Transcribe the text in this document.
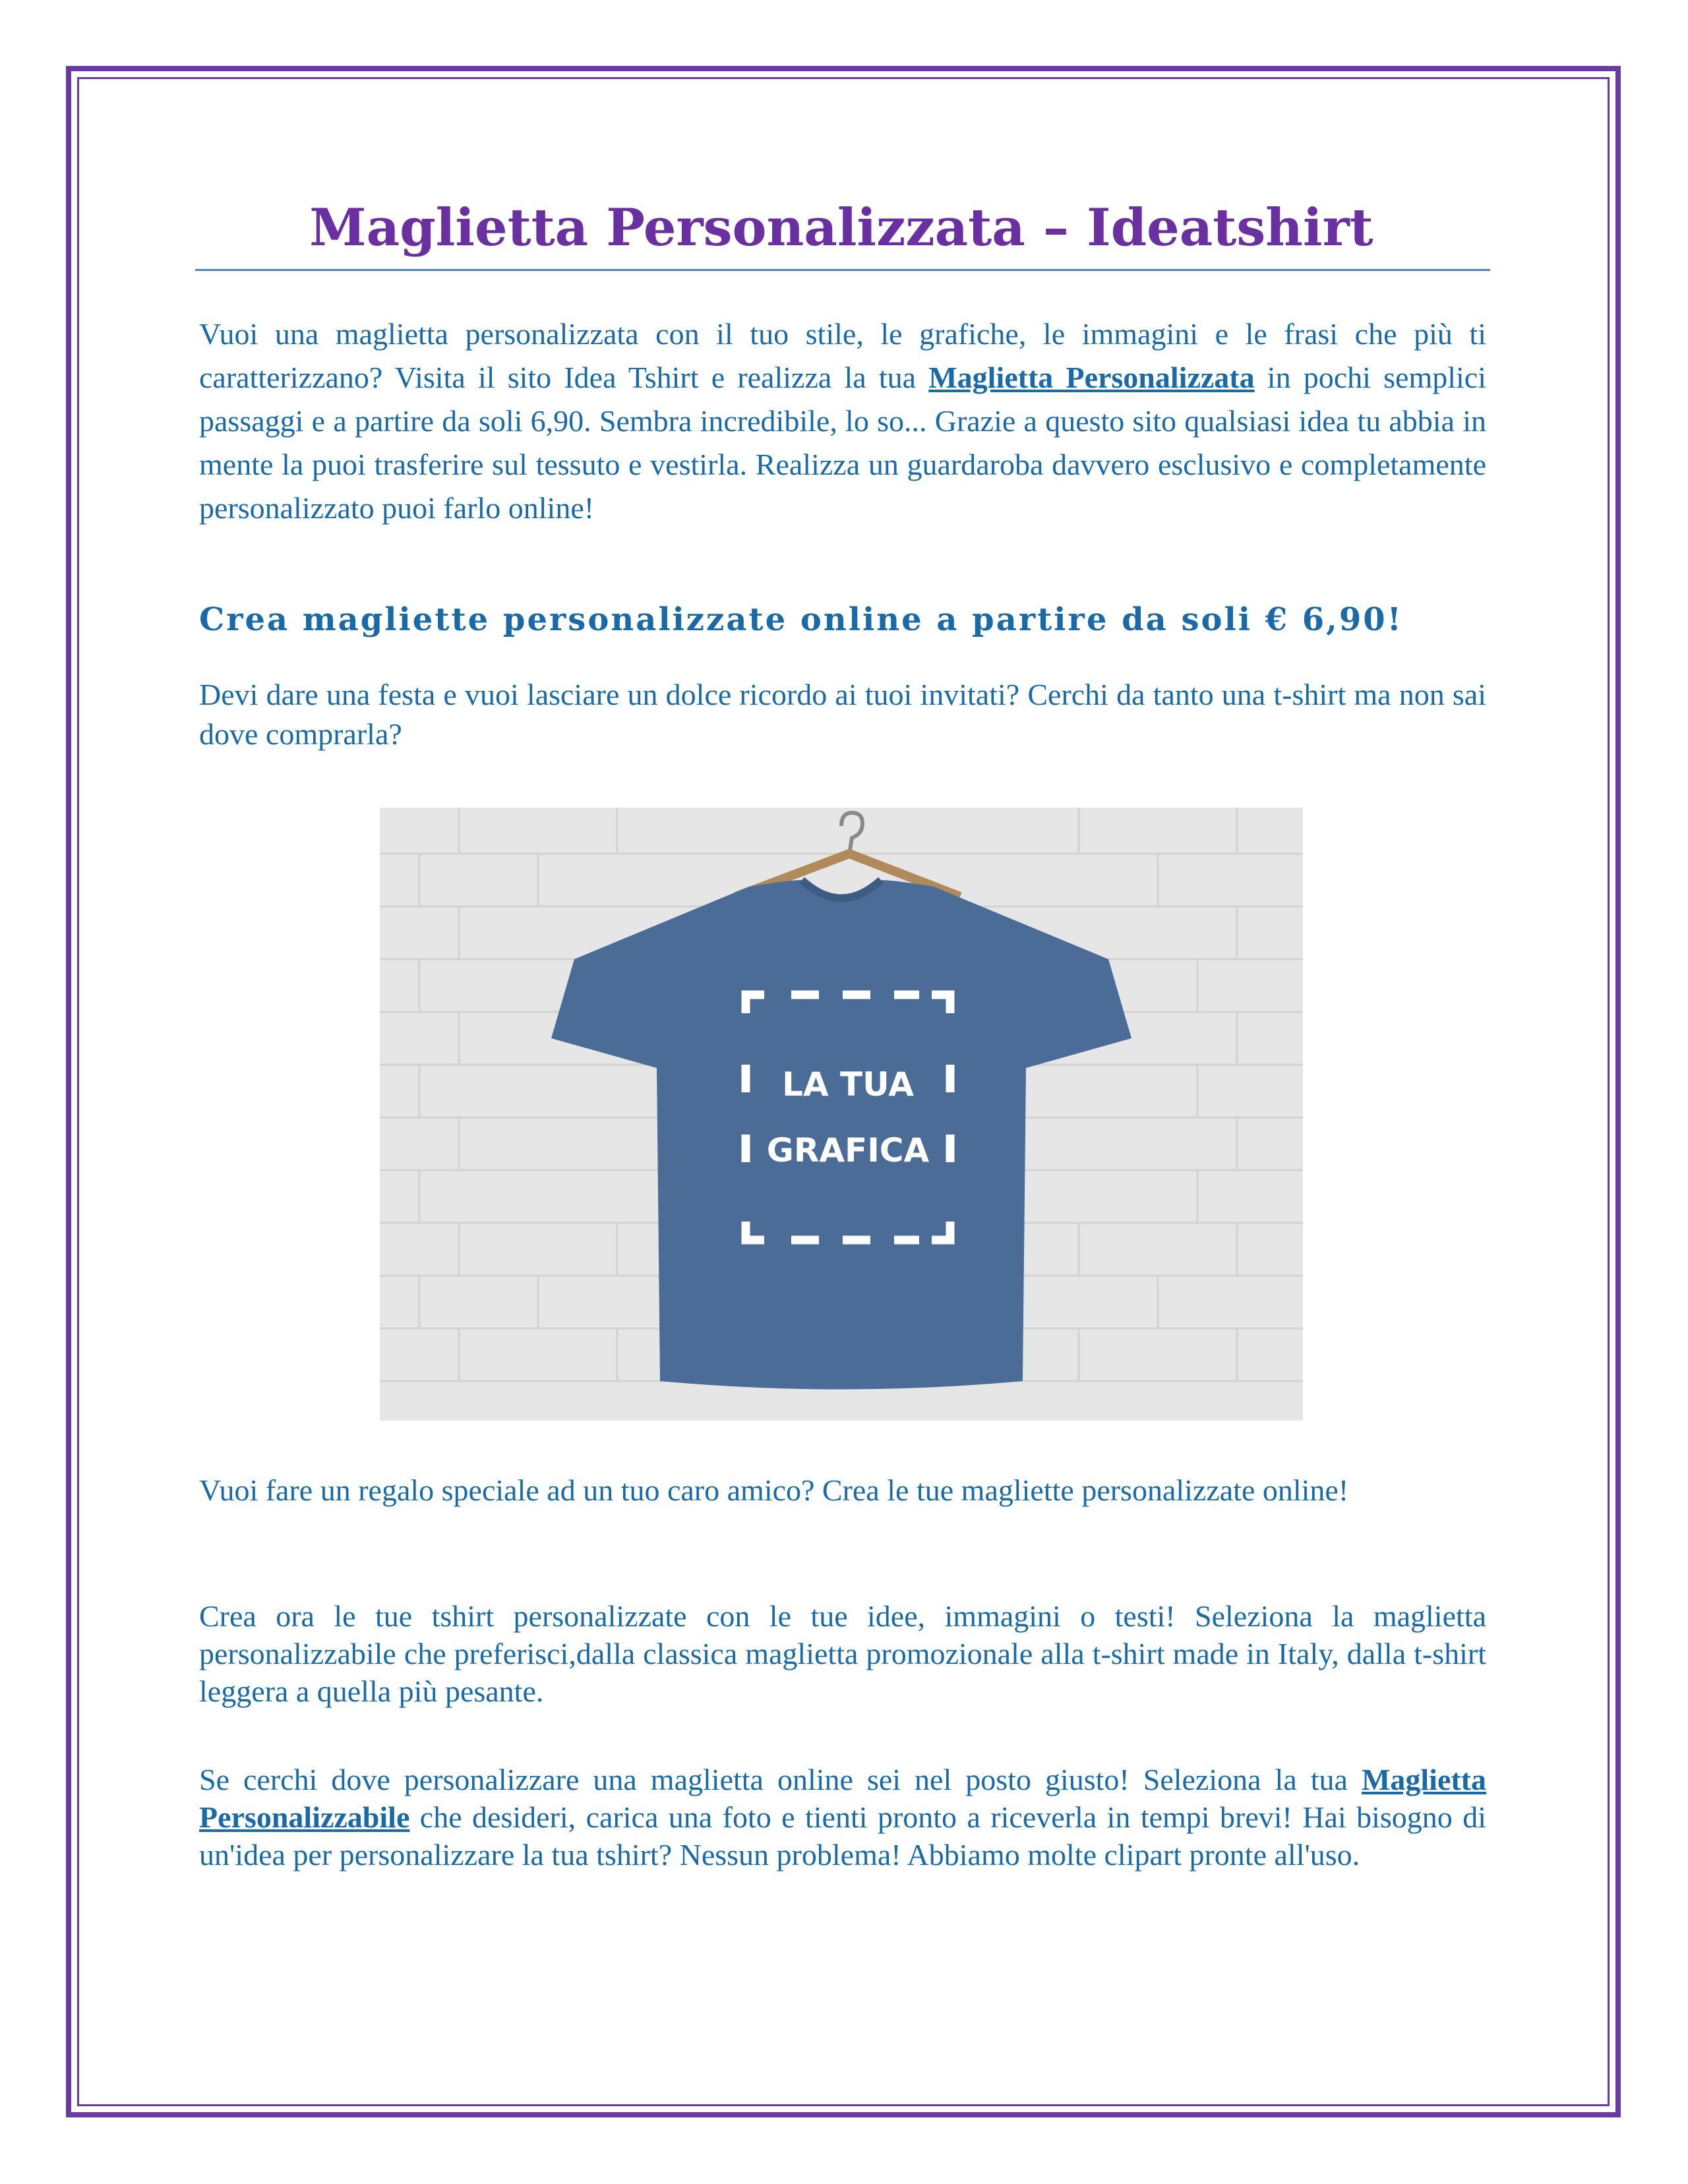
Maglietta Personalizzata – Ideatshirt

Vuoi una maglietta personalizzata con il tuo stile, le grafiche, le immagini e le frasi che più ti caratterizzano? Visita il sito Idea Tshirt e realizza la tua Maglietta Personalizzata in pochi semplici passaggi e a partire da soli 6,90. Sembra incredibile, lo so... Grazie a questo sito qualsiasi idea tu abbia in mente la puoi trasferire sul tessuto e vestirla. Realizza un guardaroba davvero esclusivo e completamente personalizzato puoi farlo online!

Crea magliette personalizzate online a partire da soli € 6,90!

Devi dare una festa e vuoi lasciare un dolce ricordo ai tuoi invitati? Cerchi da tanto una t-shirt ma non sai dove comprarla?

LA TUA
GRAFICA

Vuoi fare un regalo speciale ad un tuo caro amico? Crea le tue magliette personalizzate online!

Crea ora le tue tshirt personalizzate con le tue idee, immagini o testi! Seleziona la maglietta personalizzabile che preferisci,dalla classica maglietta promozionale alla t-shirt made in Italy, dalla t-shirt leggera a quella più pesante.

Se cerchi dove personalizzare una maglietta online sei nel posto giusto! Seleziona la tua Maglietta Personalizzabile che desideri, carica una foto e tienti pronto a riceverla in tempi brevi! Hai bisogno di un'idea per personalizzare la tua tshirt? Nessun problema! Abbiamo molte clipart pronte all'uso.
